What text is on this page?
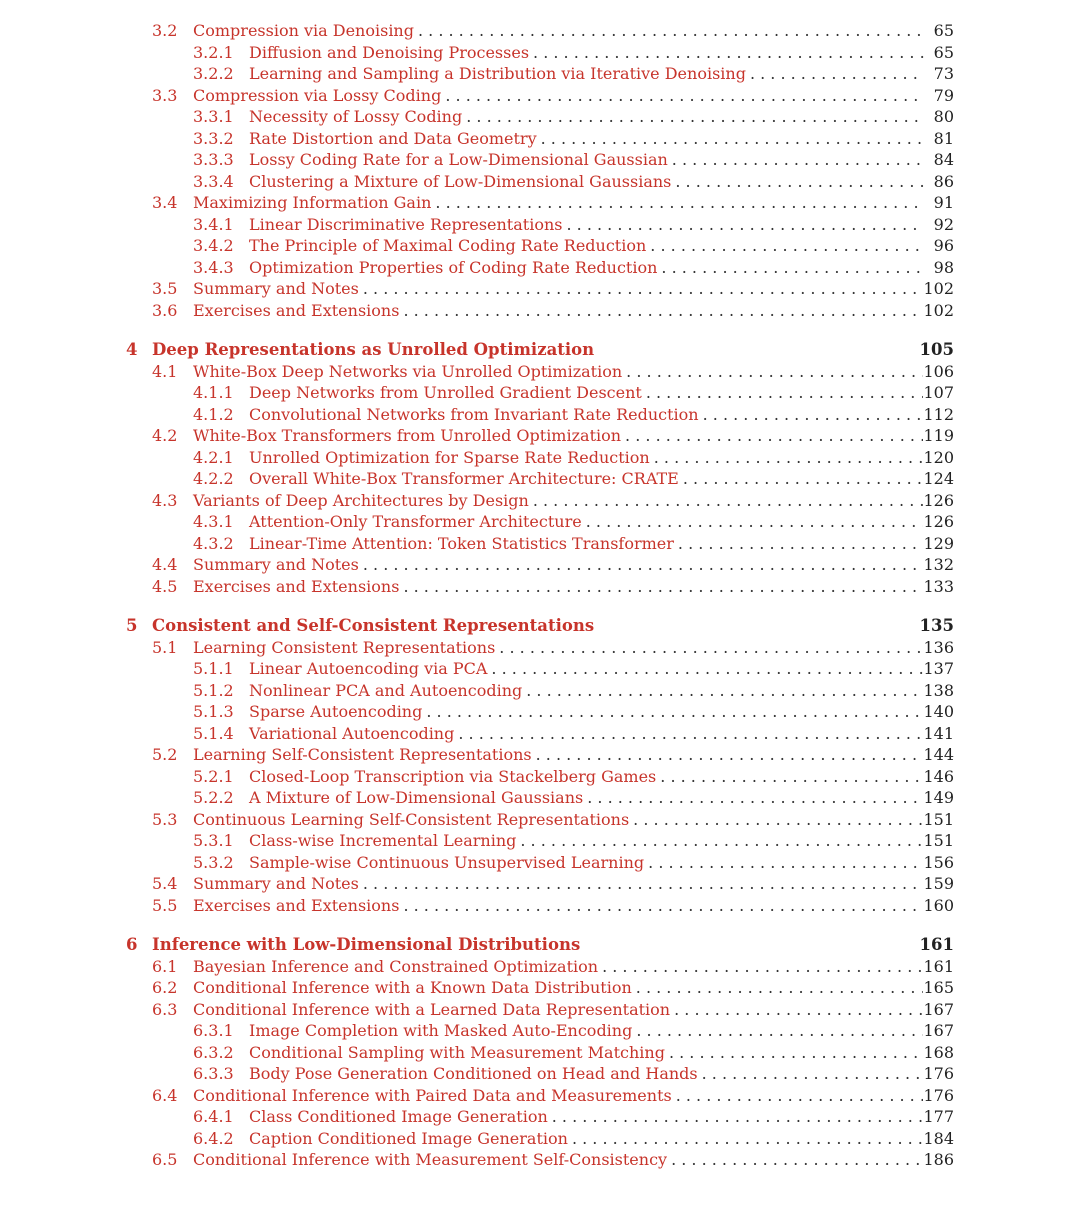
3.2 Compression via Denoising . . .	65
3.2.1 Diffusion and Denoising Processes . . .	65
3.2.2 Learning and Sampling a Distribution via Iterative Denoising . . .	73
3.3 Compression via Lossy Coding . . .	79
3.3.1 Necessity of Lossy Coding . . .	80
3.3.2 Rate Distortion and Data Geometry . . .	81
3.3.3 Lossy Coding Rate for a Low-Dimensional Gaussian . . .	84
3.3.4 Clustering a Mixture of Low-Dimensional Gaussians . . .	86
3.4 Maximizing Information Gain . . .	91
3.4.1 Linear Discriminative Representations . . .	92
3.4.2 The Principle of Maximal Coding Rate Reduction . . .	96
3.4.3 Optimization Properties of Coding Rate Reduction . . .	98
3.5 Summary and Notes . . .	102
3.6 Exercises and Extensions . . .	102
4 Deep Representations as Unrolled Optimization	105
4.1 White-Box Deep Networks via Unrolled Optimization . . .	106
4.1.1 Deep Networks from Unrolled Gradient Descent . . .	107
4.1.2 Convolutional Networks from Invariant Rate Reduction . . .	112
4.2 White-Box Transformers from Unrolled Optimization . . .	119
4.2.1 Unrolled Optimization for Sparse Rate Reduction . . .	120
4.2.2 Overall White-Box Transformer Architecture: CRATE . . .	124
4.3 Variants of Deep Architectures by Design . . .	126
4.3.1 Attention-Only Transformer Architecture . . .	126
4.3.2 Linear-Time Attention: Token Statistics Transformer . . .	129
4.4 Summary and Notes . . .	132
4.5 Exercises and Extensions . . .	133
5 Consistent and Self-Consistent Representations	135
5.1 Learning Consistent Representations . . .	136
5.1.1 Linear Autoencoding via PCA . . .	137
5.1.2 Nonlinear PCA and Autoencoding . . .	138
5.1.3 Sparse Autoencoding . . .	140
5.1.4 Variational Autoencoding . . .	141
5.2 Learning Self-Consistent Representations . . .	144
5.2.1 Closed-Loop Transcription via Stackelberg Games . . .	146
5.2.2 A Mixture of Low-Dimensional Gaussians . . .	149
5.3 Continuous Learning Self-Consistent Representations . . .	151
5.3.1 Class-wise Incremental Learning . . .	151
5.3.2 Sample-wise Continuous Unsupervised Learning . . .	156
5.4 Summary and Notes . . .	159
5.5 Exercises and Extensions . . .	160
6 Inference with Low-Dimensional Distributions	161
6.1 Bayesian Inference and Constrained Optimization . . .	161
6.2 Conditional Inference with a Known Data Distribution . . .	165
6.3 Conditional Inference with a Learned Data Representation . . .	167
6.3.1 Image Completion with Masked Auto-Encoding . . .	167
6.3.2 Conditional Sampling with Measurement Matching . . .	168
6.3.3 Body Pose Generation Conditioned on Head and Hands . . .	176
6.4 Conditional Inference with Paired Data and Measurements . . .	176
6.4.1 Class Conditioned Image Generation . . .	177
6.4.2 Caption Conditioned Image Generation . . .	184
6.5 Conditional Inference with Measurement Self-Consistency . . .	186
